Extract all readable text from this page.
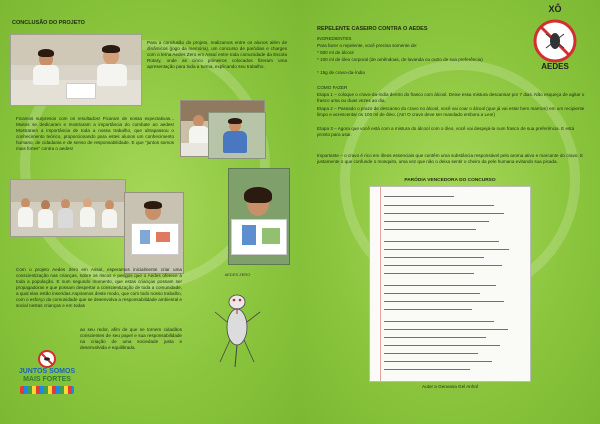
CONCLUSÃO DO PROJETO
Para a conclusão do projeto, realizamos entre os alunos além de dinâmicos (jogo da memória), um concurso de paródias e charges com o tema Aedes Zero em Assaí entre toda comunidade da Escola Rotary, onde as cinco primeiros colocados fizeram uma apresentação para toda a turma, explicando seu trabalho.
Ficamos surpresos com os resultados! Ficaram de nossa expectativas... Muitos se dedicaram e mostraram a importância do combate ao aedes! Mostraram a importância de toda a nossa trabalho, que ultrapassou o conhecimento teórico, proporcionando para estes alunos um conhecimento humano, de cidadania e de senso de responsabilidade. E que "juntos somos mais fortes" contra o aedes!
Com o projeto Aedes Zero em Assaí, esperamos inicialmente criar uma conscientização nas crianças, sobre os riscos e perigos que o Aedes oferece à toda a população. E num segundo momento, que estas crianças possam ser propagadoras e que possam despertar a conscientização de toda a comunidade, a qual elas estão inseridas.Aspiramos deste modo, que com todo nosso trabalho, com o esforço da comunidade que se desenvolva a responsabilidade ambiental e social nestas crianças e em todas
ao seu redor, afim de que se tornem cidadãos conscientes de seu papel e sua responsabilidade na criação de uma sociedade justa e desenvolvida e equilibrada.
JUNTOS SOMOS
MAIS FORTES
AEDES ZERO
REPELENTE CASEIRO CONTRA O AEDES
XÔ
AEDES
INGREDIENTES
Para fazer o repelente, você precisa somente de:
* 500 ml de álcool
* 100 ml de óleo corporal (de amêndoas, de lavanda ou outro de sua preferência)
* 15g de cravo-da-índia
COMO FAZER
Etapa 1 – coloque o cravo-da-índia dentro do frasco com álcool. Deixe essa mistura descansar por 7 dias. Não esqueça de agitar o frasco uma ou duas vezes ao dia.
Etapa 2 – Passado o prazo de descanso do cravo no álcool, você vai coar o álcool (que já vai estar bem marrom) em um recipiente limpo e acrescentar os 100 ml de óleo. (Atr! O cravo deve ser mandado embora a Leo!)
Etapa 3 – Agora que você está com a mistura do álcool com o óleo, você vai despejá-la num frasco de sua preferência. E está pronto para usar.
Importante – o cravo é rico em óleos essenciais que contêm uma substância responsável pelo aroma ativo e marcante do cravo. E justamente o que confunde o mosquito, uma vez que não o deixa sentir o cheiro da pele humana evitando sua picada.
PARÓDIA VENCEDORA DO CONCURSO
Autor a Geovana Gel Anhol
